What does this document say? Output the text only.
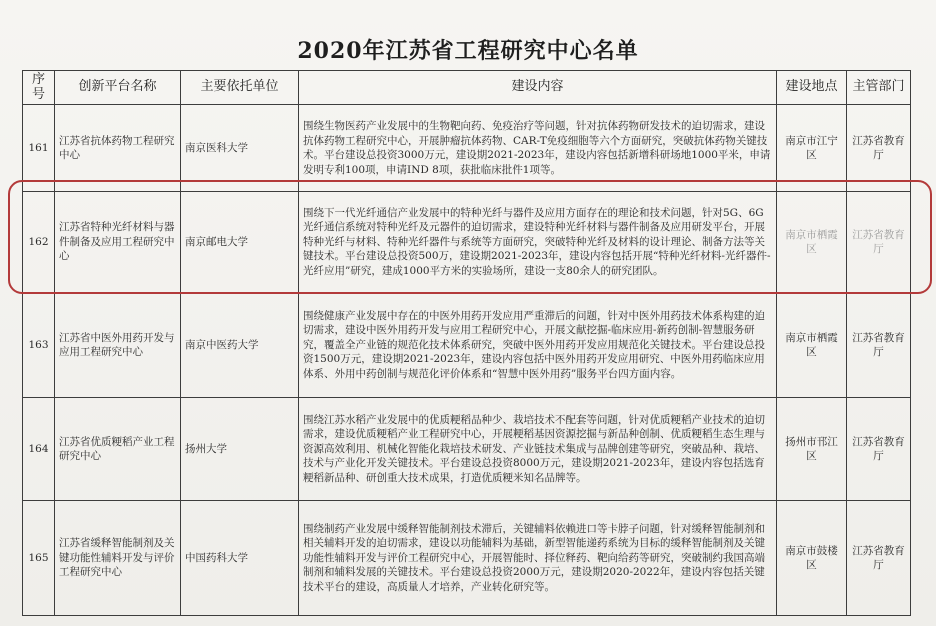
2020年江苏省工程研究中心名单
序号	创新平台名称	主要依托单位	建设内容	建设地点	主管部门
161	江苏省抗体药物工程研究中心	南京医科大学	围绕生物医药产业发展中的生物靶向药、免疫治疗等问题，针对抗体药物研发技术的迫切需求，建设抗体药物工程研究中心，开展肿瘤抗体药物、CAR-T免疫细胞等六个方面研究，突破抗体药物关键技术。平台建设总投资3000万元，建设期2021-2023年，建设内容包括新增科研场地1000平米，申请发明专利100项，申请IND 8项，获批临床批件1项等。	南京市江宁区	江苏省教育厅
162	江苏省特种光纤材料与器件制备及应用工程研究中心	南京邮电大学	围绕下一代光纤通信产业发展中的特种光纤与器件及应用方面存在的理论和技术问题，针对5G、6G光纤通信系统对特种光纤及元器件的迫切需求，建设特种光纤材料与器件制备及应用研发平台，开展特种光纤与材料、特种光纤器件与系统等方面研究，突破特种光纤及材料的设计理论、制备方法等关键技术。平台建设总投资500万，建设期2021-2023年，建设内容包括开展“特种光纤材料-光纤器件-光纤应用”研究，建成1000平方米的实验场所，建设一支80余人的研究团队。	南京市栖霞区	江苏省教育厅
163	江苏省中医外用药开发与应用工程研究中心	南京中医药大学	围绕健康产业发展中存在的中医外用药开发应用严重滞后的问题，针对中医外用药技术体系构建的迫切需求，建设中医外用药开发与应用工程研究中心，开展文献挖掘-临床应用-新药创制-智慧服务研究，覆盖全产业链的规范化技术体系研究，突破中医外用药开发应用规范化关键技术。平台建设总投资1500万元，建设期2021-2023年，建设内容包括中医外用药开发应用研究、中医外用药临床应用体系、外用中药创制与规范化评价体系和“智慧中医外用药”服务平台四方面内容。	南京市栖霞区	江苏省教育厅
164	江苏省优质粳稻产业工程研究中心	扬州大学	围绕江苏水稻产业发展中的优质粳稻品种少、栽培技术不配套等问题，针对优质粳稻产业技术的迫切需求，建设优质粳稻产业工程研究中心，开展粳稻基因资源挖掘与新品种创制、优质粳稻生态生理与资源高效利用、机械化智能化栽培技术研发、产业链技术集成与品牌创建等研究，突破品种、栽培、技术与产业化开发关键技术。平台建设总投资8000万元，建设期2021-2023年，建设内容包括选育粳稻新品种、研创重大技术成果，打造优质粳米知名品牌等。	扬州市邗江区	江苏省教育厅
165	江苏省缓释智能制剂及关键功能性辅料开发与评价工程研究中心	中国药科大学	围绕制药产业发展中缓释智能制剂技术滞后，关键辅料依赖进口等卡脖子问题，针对缓释智能制剂和相关辅料开发的迫切需求，建设以功能辅料为基础，新型智能递药系统为目标的缓释智能制剂及关键功能性辅料开发与评价工程研究中心，开展智能时、择位释药、靶向给药等研究，突破制约我国高端制剂和辅料发展的关键技术。平台建设总投资2000万元，建设期2020-2022年，建设内容包括关键技术平台的建设，高质量人才培养，产业转化研究等。	南京市鼓楼区	江苏省教育厅
